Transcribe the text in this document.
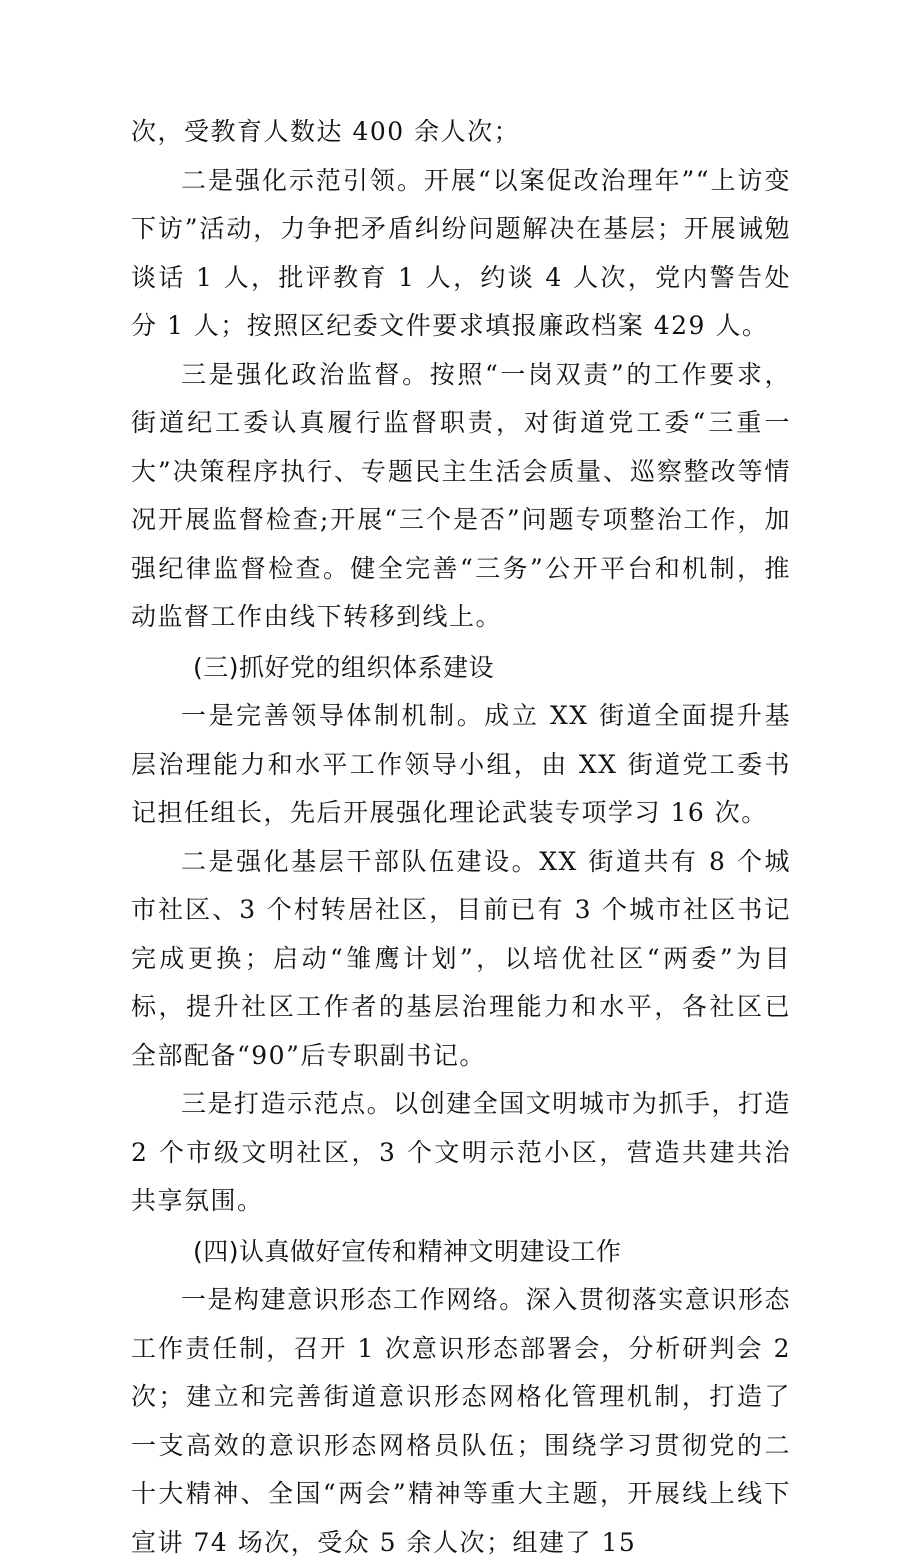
次，受教育人数达 400 余人次；

二是强化示范引领。开展“以案促改治理年”“上访变下访”活动，力争把矛盾纠纷问题解决在基层；开展诫勉谈话 1 人，批评教育 1 人，约谈 4 人次，党内警告处分 1 人；按照区纪委文件要求填报廉政档案 429 人。

三是强化政治监督。按照“一岗双责”的工作要求，街道纪工委认真履行监督职责，对街道党工委“三重一大”决策程序执行、专题民主生活会质量、巡察整改等情况开展监督检查;开展“三个是否”问题专项整治工作，加强纪律监督检查。健全完善“三务”公开平台和机制，推动监督工作由线下转移到线上。

(三)抓好党的组织体系建设

一是完善领导体制机制。成立 XX 街道全面提升基层治理能力和水平工作领导小组，由 XX 街道党工委书记担任组长，先后开展强化理论武装专项学习 16 次。

二是强化基层干部队伍建设。XX 街道共有 8 个城市社区、3 个村转居社区，目前已有 3 个城市社区书记完成更换；启动“雏鹰计划”，以培优社区“两委”为目标，提升社区工作者的基层治理能力和水平，各社区已全部配备“90”后专职副书记。

三是打造示范点。以创建全国文明城市为抓手，打造 2 个市级文明社区，3 个文明示范小区，营造共建共治共享氛围。

(四)认真做好宣传和精神文明建设工作

一是构建意识形态工作网络。深入贯彻落实意识形态工作责任制，召开 1 次意识形态部署会，分析研判会 2 次；建立和完善街道意识形态网格化管理机制，打造了一支高效的意识形态网格员队伍；围绕学习贯彻党的二十大精神、全国“两会”精神等重大主题，开展线上线下宣讲 74 场次，受众 5 余人次；组建了 15
